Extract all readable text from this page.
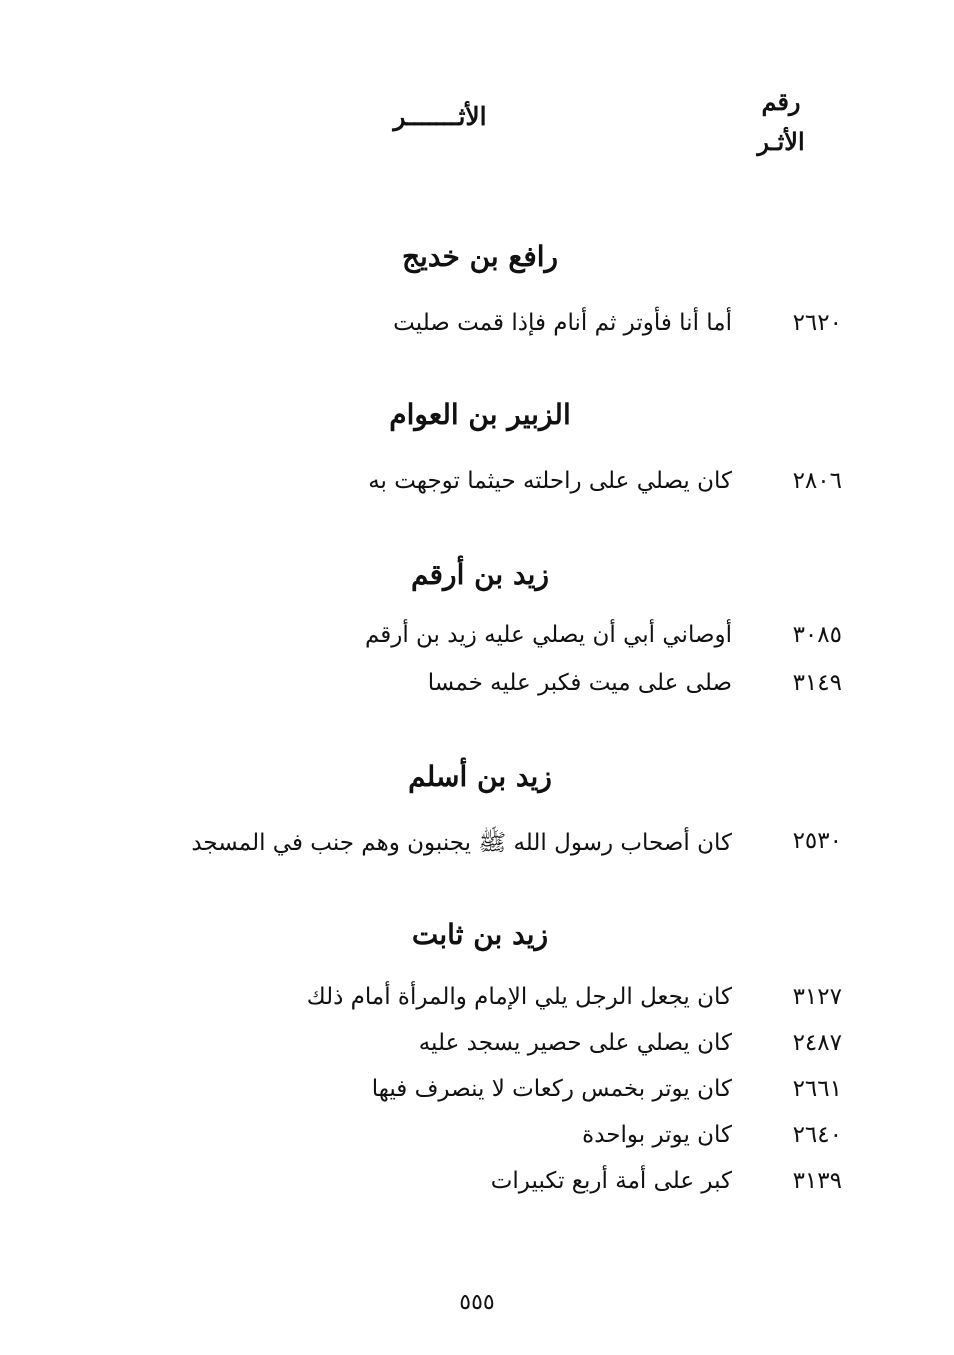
رقم
الأثـر
الأثـــــــر
رافع بن خديج
٢٦٢٠
أما أنا فأوتر ثم أنام فإذا قمت صليت
الزبير بن العوام
٢٨٠٦
كان يصلي على راحلته حيثما توجهت به
زيد بن أرقم
٣٠٨٥
أوصاني أبي أن يصلي عليه زيد بن أرقم
٣١٤٩
صلى على ميت فكبر عليه خمسا
زيد بن أسلم
٢٥٣٠
كان أصحاب رسول الله ﷺ يجنبون وهم جنب في المسجد
زيد بن ثابت
٣١٢٧
كان يجعل الرجل يلي الإمام والمرأة أمام ذلك
٢٤٨٧
كان يصلي على حصير يسجد عليه
٢٦٦١
كان يوتر بخمس ركعات لا ينصرف فيها
٢٦٤٠
كان يوتر بواحدة
٣١٣٩
كبر على أمة أربع تكبيرات
٥٥٥
